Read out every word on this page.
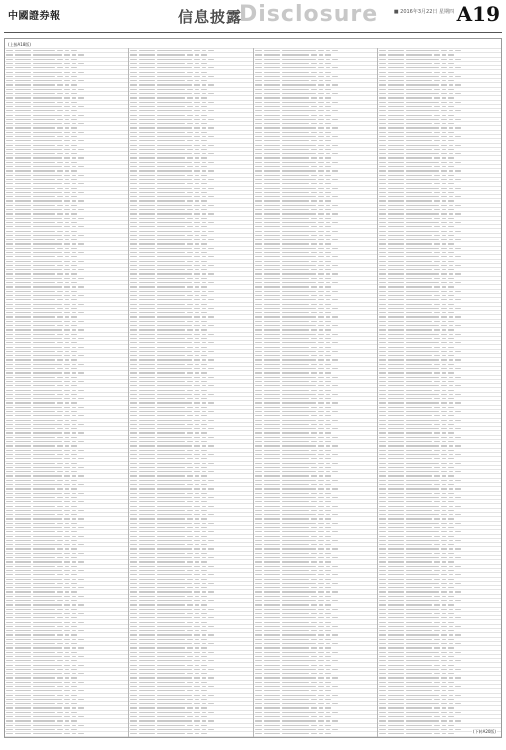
中國證券報	信息披露
Disclosure	■ 2016年3月22日 星期四 A19
(上接A18版)
(下转A20版)
